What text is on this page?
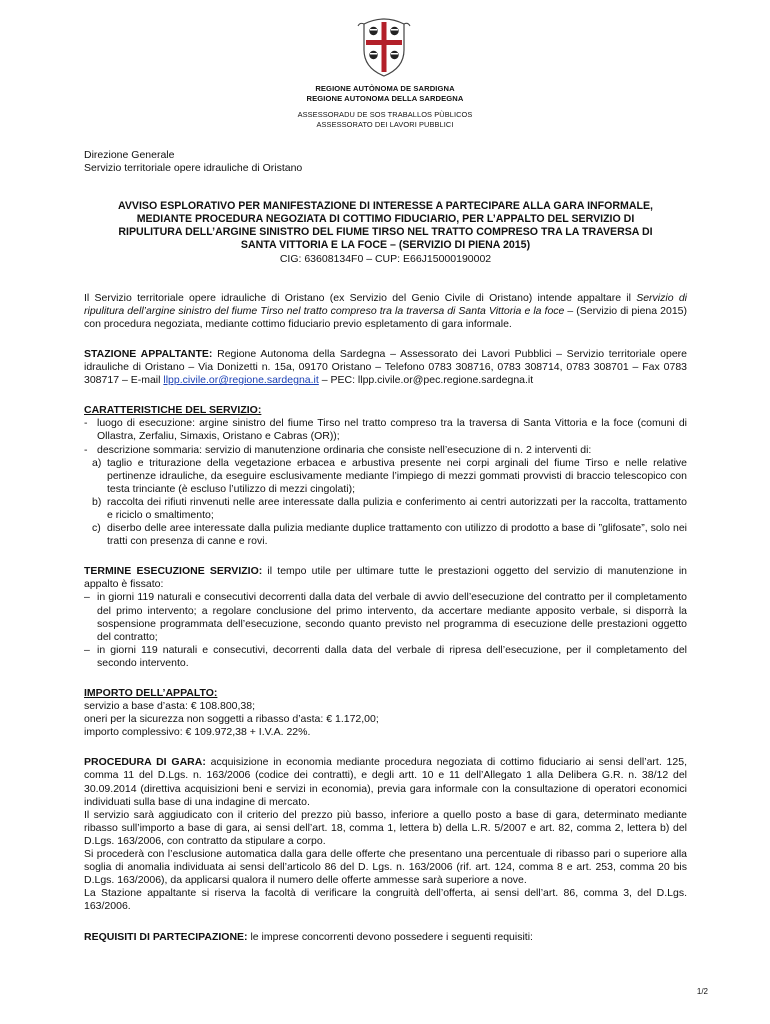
REGIONE AUTÒNOMA DE SARDIGNA
REGIONE AUTONOMA DELLA SARDEGNA
ASSESSORADU DE SOS TRABALLOS PÙBLICOS
ASSESSORATO DEI LAVORI PUBBLICI
Direzione Generale
Servizio territoriale opere idrauliche di Oristano
AVVISO ESPLORATIVO PER MANIFESTAZIONE DI INTERESSE A PARTECIPARE ALLA GARA INFORMALE,
MEDIANTE PROCEDURA NEGOZIATA DI COTTIMO FIDUCIARIO, PER L’APPALTO DEL SERVIZIO DI
RIPULITURA DELL’ARGINE SINISTRO DEL FIUME TIRSO NEL TRATTO COMPRESO TRA LA TRAVERSA DI
SANTA VITTORIA E LA FOCE – (SERVIZIO DI PIENA 2015)
CIG: 63608134F0 – CUP: E66J15000190002

Il Servizio territoriale opere idrauliche di Oristano (ex Servizio del Genio Civile di Oristano) intende appaltare il Servizio di ripulitura dell’argine sinistro del fiume Tirso nel tratto compreso tra la traversa di Santa Vittoria e la foce – (Servizio di piena 2015) con procedura negoziata, mediante cottimo fiduciario previo espletamento di gara informale.

STAZIONE APPALTANTE: Regione Autonoma della Sardegna – Assessorato dei Lavori Pubblici – Servizio territoriale opere idrauliche di Oristano – Via Donizetti n. 15a, 09170 Oristano – Telefono 0783 308716, 0783 308714, 0783 308701 – Fax 0783 308717 – E-mail llpp.civile.or@regione.sardegna.it – PEC: llpp.civile.or@pec.regione.sardegna.it

CARATTERISTICHE DEL SERVIZIO:
- luogo di esecuzione: argine sinistro del fiume Tirso nel tratto compreso tra la traversa di Santa Vittoria e la foce (comuni di Ollastra, Zerfaliu, Simaxis, Oristano e Cabras (OR));
- descrizione sommaria: servizio di manutenzione ordinaria che consiste nell’esecuzione di n. 2 interventi di:
a) taglio e triturazione della vegetazione erbacea e arbustiva presente nei corpi arginali del fiume Tirso e nelle relative pertinenze idrauliche, da eseguire esclusivamente mediante l’impiego di mezzi gommati provvisti di braccio telescopico con testa trinciante (è escluso l’utilizzo di mezzi cingolati);
b) raccolta dei rifiuti rinvenuti nelle aree interessate dalla pulizia e conferimento ai centri autorizzati per la raccolta, trattamento e riciclo o smaltimento;
c) diserbo delle aree interessate dalla pulizia mediante duplice trattamento con utilizzo di prodotto a base di ”glifosate”, solo nei tratti con presenza di canne e rovi.

TERMINE ESECUZIONE SERVIZIO: il tempo utile per ultimare tutte le prestazioni oggetto del servizio di manutenzione in appalto è fissato:

– in giorni 119 naturali e consecutivi decorrenti dalla data del verbale di avvio dell’esecuzione del contratto per il completamento del primo intervento; a regolare conclusione del primo intervento, da accertare mediante apposito verbale, si disporrà la sospensione programmata dell’esecuzione, secondo quanto previsto nel programma di esecuzione delle prestazioni oggetto del contratto;
– in giorni 119 naturali e consecutivi, decorrenti dalla data del verbale di ripresa dell’esecuzione, per il completamento del secondo intervento.
IMPORTO DELL’APPALTO:
servizio a base d’asta: € 108.800,38;
oneri per la sicurezza non soggetti a ribasso d’asta: € 1.172,00;
importo complessivo: € 109.972,38 + I.V.A. 22%.

PROCEDURA DI GARA: acquisizione in economia mediante procedura negoziata di cottimo fiduciario ai sensi dell’art. 125, comma 11 del D.Lgs. n. 163/2006 (codice dei contratti), e degli artt. 10 e 11 dell’Allegato 1 alla Delibera G.R. n. 38/12 del 30.09.2014 (direttiva acquisizioni beni e servizi in economia), previa gara informale con la consultazione di operatori economici individuati sulla base di una indagine di mercato.

Il servizio sarà aggiudicato con il criterio del prezzo più basso, inferiore a quello posto a base di gara, determinato mediante ribasso sull’importo a base di gara, ai sensi dell’art. 18, comma 1, lettera b) della L.R. 5/2007 e art. 82, comma 2, lettera b) del D.Lgs. 163/2006, con contratto da stipulare a corpo.

Si procederà con l’esclusione automatica dalla gara delle offerte che presentano una percentuale di ribasso pari o superiore alla soglia di anomalia individuata ai sensi dell’articolo 86 del D. Lgs. n. 163/2006 (rif. art. 124, comma 8 e art. 253, comma 20 bis D.Lgs. 163/2006), da applicarsi qualora il numero delle offerte ammesse sarà superiore a nove.

La Stazione appaltante si riserva la facoltà di verificare la congruità dell’offerta, ai sensi dell’art. 86, comma 3, del D.Lgs. 163/2006.

REQUISITI DI PARTECIPAZIONE: le imprese concorrenti devono possedere i seguenti requisiti:

1/2
